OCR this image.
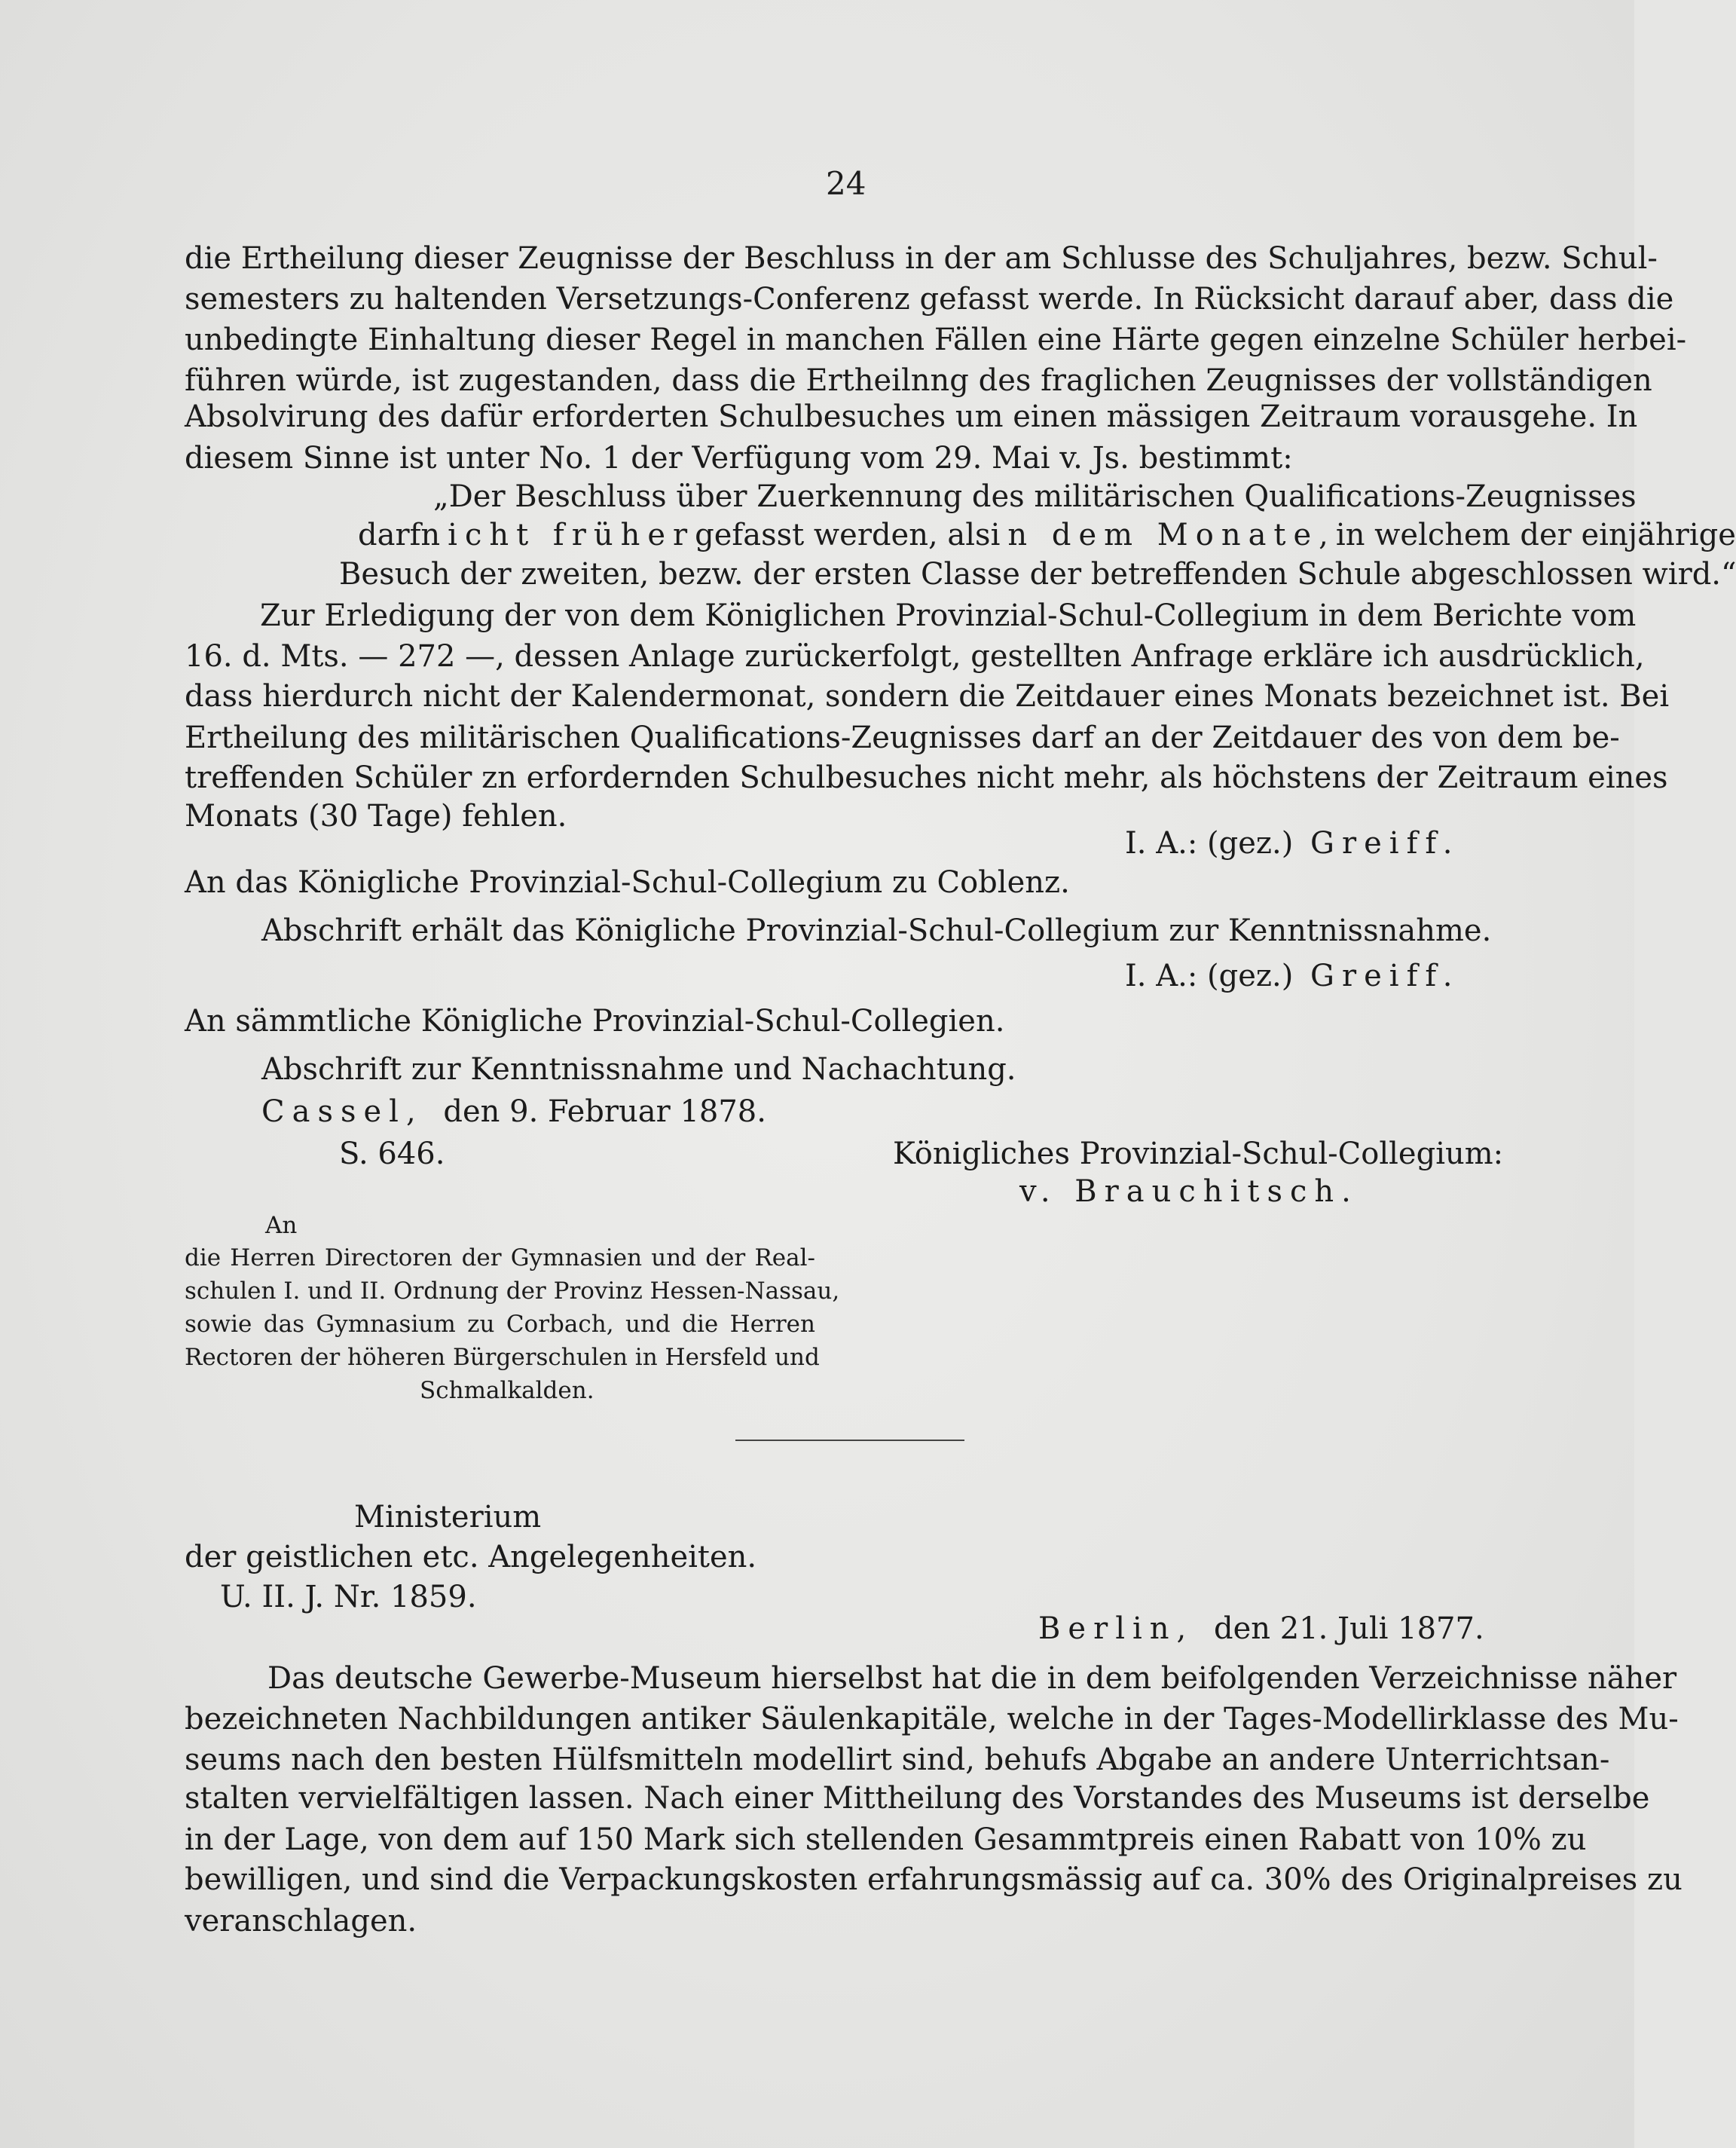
24
die Ertheilung dieser Zeugnisse der Beschluss in der am Schlusse des Schuljahres, bezw. Schul-
semesters zu haltenden Versetzungs-Conferenz gefasst werde. In Rücksicht darauf aber, dass die
unbedingte Einhaltung dieser Regel in manchen Fällen eine Härte gegen einzelne Schüler herbei-
führen würde, ist zugestanden, dass die Ertheilnng des fraglichen Zeugnisses der vollständigen
Absolvirung des dafür erforderten Schulbesuches um einen mässigen Zeitraum vorausgehe. In
diesem Sinne ist unter No. 1 der Verfügung vom 29. Mai v. Js. bestimmt:
„Der Beschluss über Zuerkennung des militärischen Qualifications-Zeugnisses
darf nicht früher gefasst werden, als in dem Monate, in welchem der einjährige
Besuch der zweiten, bezw. der ersten Classe der betreffenden Schule abgeschlossen wird.“
Zur Erledigung der von dem Königlichen Provinzial-Schul-Collegium in dem Berichte vom
16. d. Mts. — 272 —, dessen Anlage zurückerfolgt, gestellten Anfrage erkläre ich ausdrücklich,
dass hierdurch nicht der Kalendermonat, sondern die Zeitdauer eines Monats bezeichnet ist. Bei
Ertheilung des militärischen Qualifications-Zeugnisses darf an der Zeitdauer des von dem be-
treffenden Schüler zn erfordernden Schulbesuches nicht mehr, als höchstens der Zeitraum eines
Monats (30 Tage) fehlen.
I. A.: (gez.) Greiff.
An das Königliche Provinzial-Schul-Collegium zu Coblenz.
Abschrift erhält das Königliche Provinzial-Schul-Collegium zur Kenntnissnahme.
I. A.: (gez.) Greiff.
An sämmtliche Königliche Provinzial-Schul-Collegien.
Abschrift zur Kenntnissnahme und Nachachtung.
Cassel, den 9. Februar 1878.
S. 646.	Königliches Provinzial-Schul-Collegium:
v. Brauchitsch.
An
die Herren Directoren der Gymnasien und der Real-
schulen I. und II. Ordnung der Provinz Hessen-Nassau,
sowie das Gymnasium zu Corbach, und die Herren
Rectoren der höheren Bürgerschulen in Hersfeld und
Schmalkalden.
Ministerium
der geistlichen etc. Angelegenheiten.
U. II. J. Nr. 1859.
Berlin, den 21. Juli 1877.
Das deutsche Gewerbe-Museum hierselbst hat die in dem beifolgenden Verzeichnisse näher
bezeichneten Nachbildungen antiker Säulenkapitäle, welche in der Tages-Modellirklasse des Mu-
seums nach den besten Hülfsmitteln modellirt sind, behufs Abgabe an andere Unterrichtsan-
stalten vervielfältigen lassen. Nach einer Mittheilung des Vorstandes des Museums ist derselbe
in der Lage, von dem auf 150 Mark sich stellenden Gesammtpreis einen Rabatt von 10% zu
bewilligen, und sind die Verpackungskosten erfahrungsmässig auf ca. 30% des Originalpreises zu
veranschlagen.
